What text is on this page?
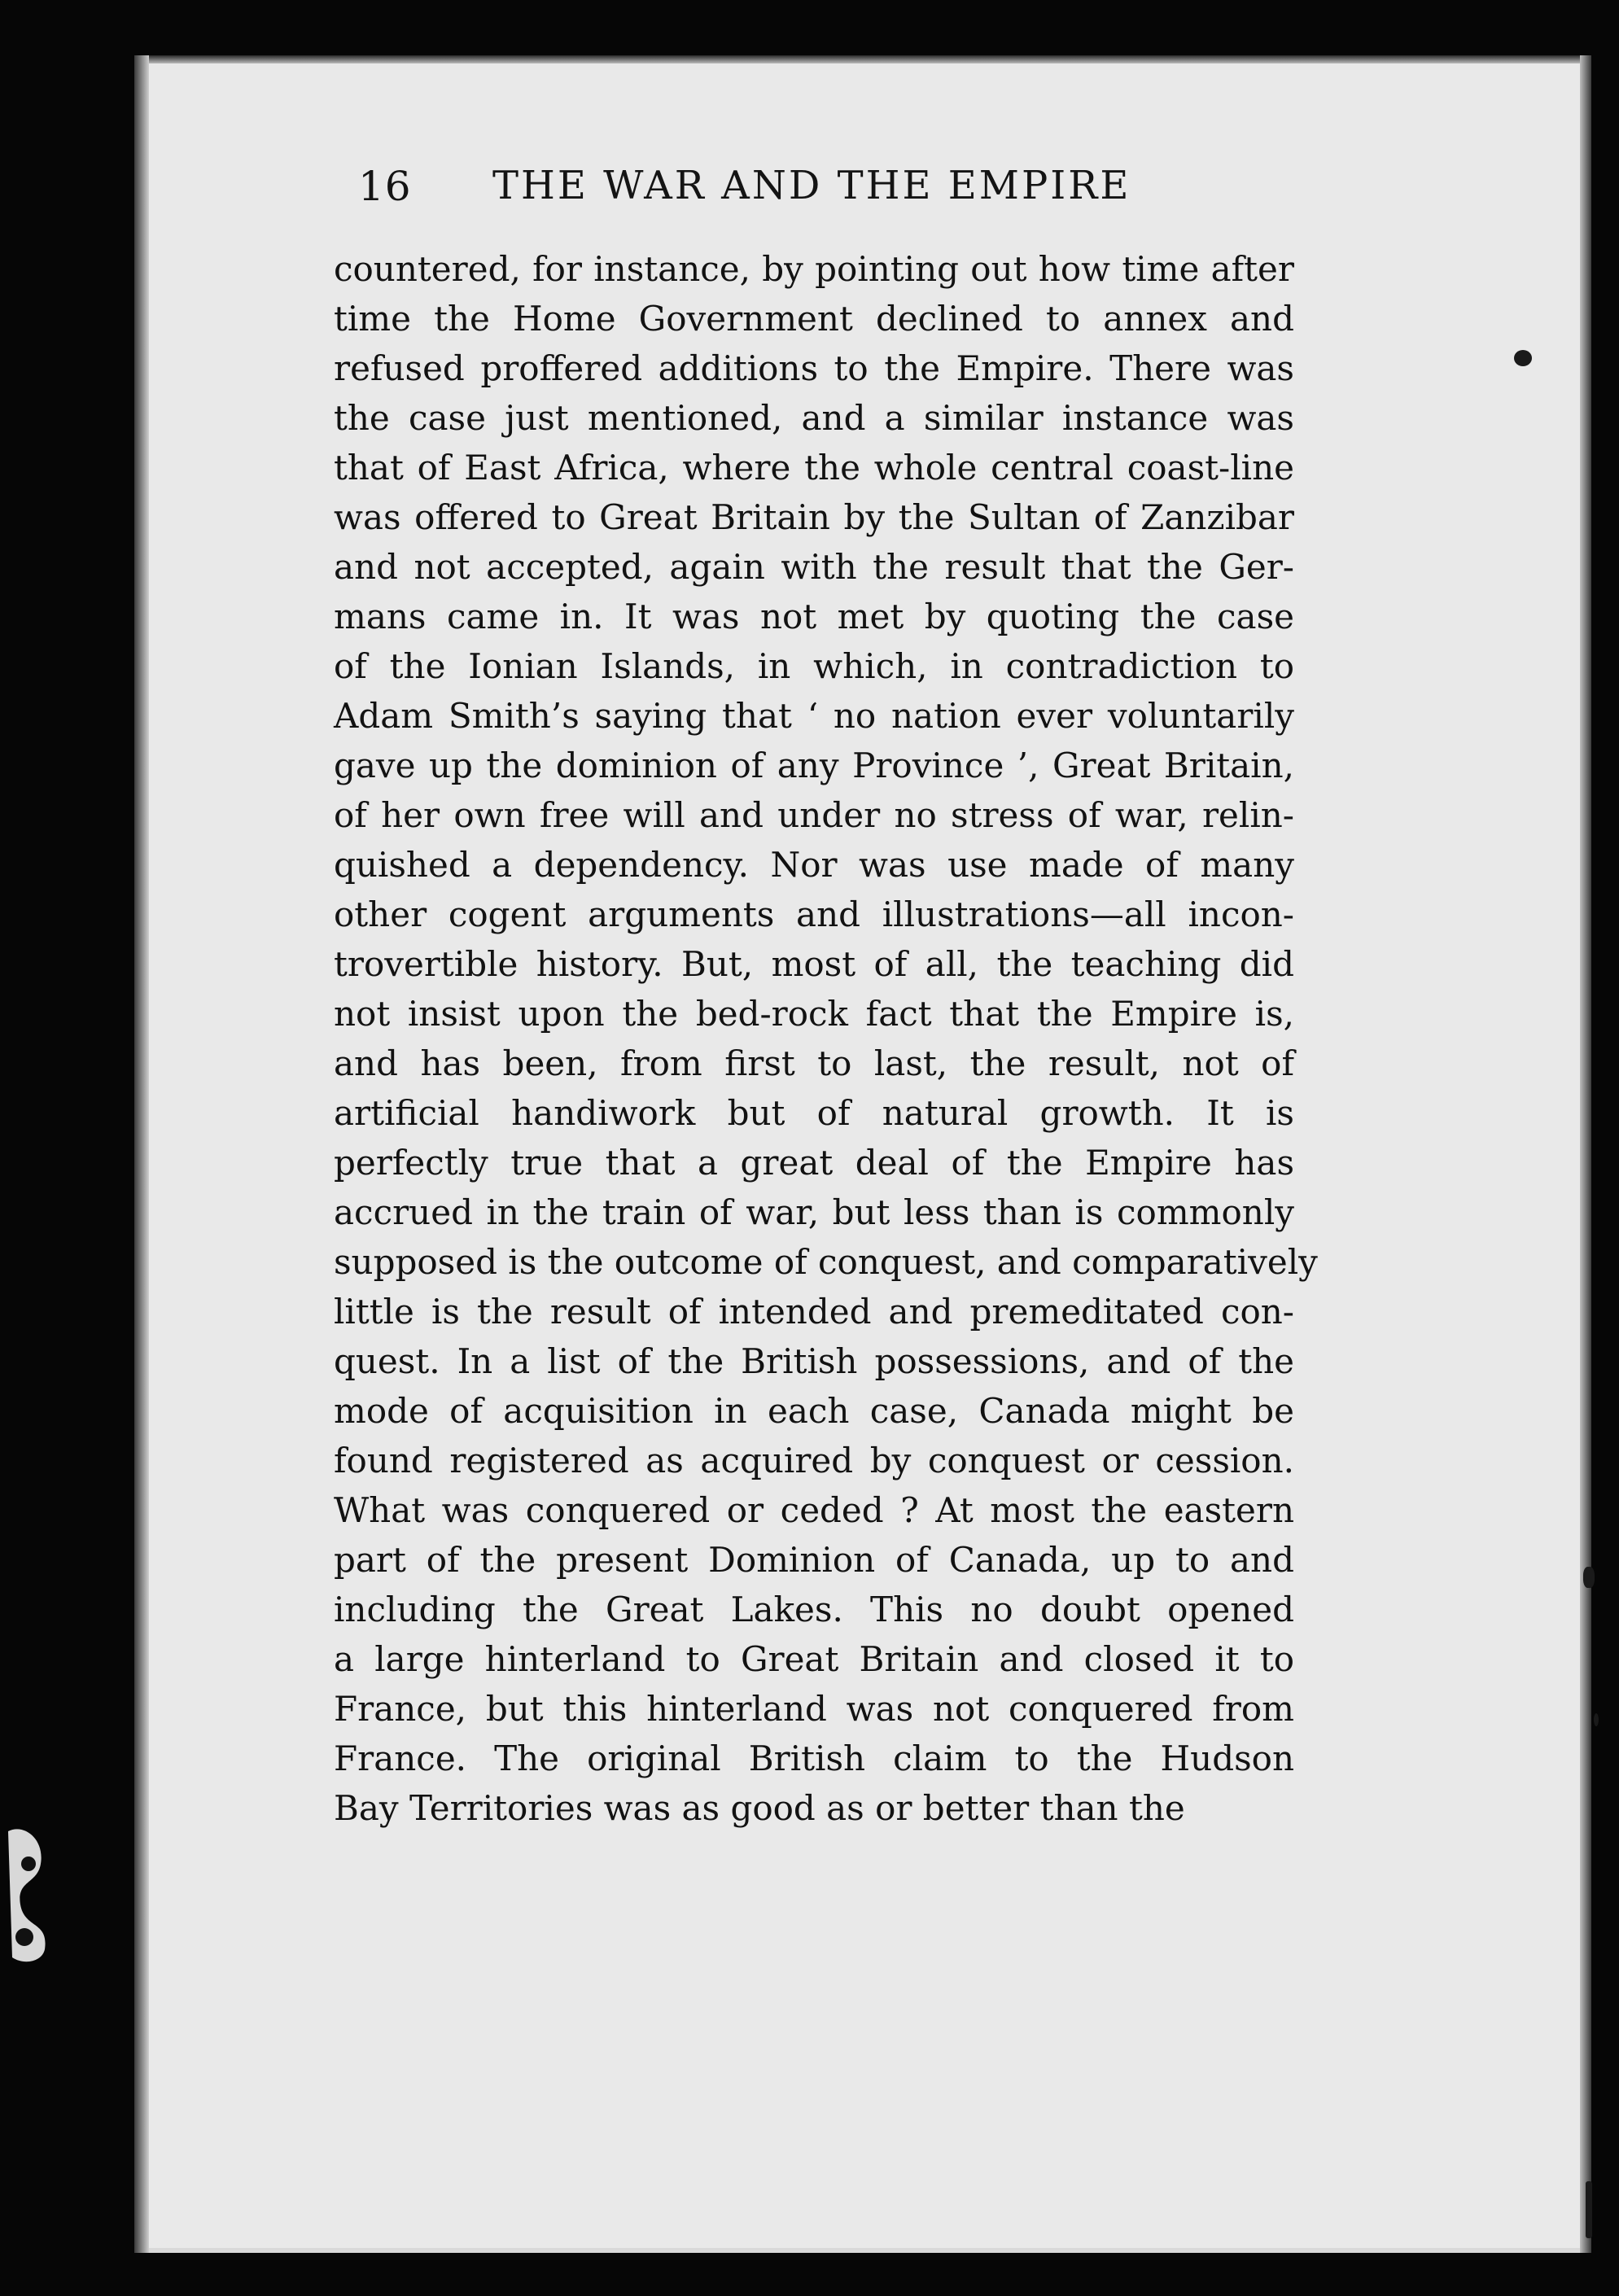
16 THE WAR AND THE EMPIRE
countered, for instance, by pointing out how time after
time the Home Government declined to annex and
refused proffered additions to the Empire. There was
the case just mentioned, and a similar instance was
that of East Africa, where the whole central coast-line
was offered to Great Britain by the Sultan of Zanzibar
and not accepted, again with the result that the Ger-
mans came in. It was not met by quoting the case
of the Ionian Islands, in which, in contradiction to
Adam Smith’s saying that ‘ no nation ever voluntarily
gave up the dominion of any Province ’, Great Britain,
of her own free will and under no stress of war, relin-
quished a dependency. Nor was use made of many
other cogent arguments and illustrations—all incon-
trovertible history. But, most of all, the teaching did
not insist upon the bed-rock fact that the Empire is,
and has been, from first to last, the result, not of
artificial handiwork but of natural growth. It is
perfectly true that a great deal of the Empire has
accrued in the train of war, but less than is commonly
supposed is the outcome of conquest, and comparatively
little is the result of intended and premeditated con-
quest. In a list of the British possessions, and of the
mode of acquisition in each case, Canada might be
found registered as acquired by conquest or cession.
What was conquered or ceded ? At most the eastern
part of the present Dominion of Canada, up to and
including the Great Lakes. This no doubt opened
a large hinterland to Great Britain and closed it to
France, but this hinterland was not conquered from
France. The original British claim to the Hudson
Bay Territories was as good as or better than the
